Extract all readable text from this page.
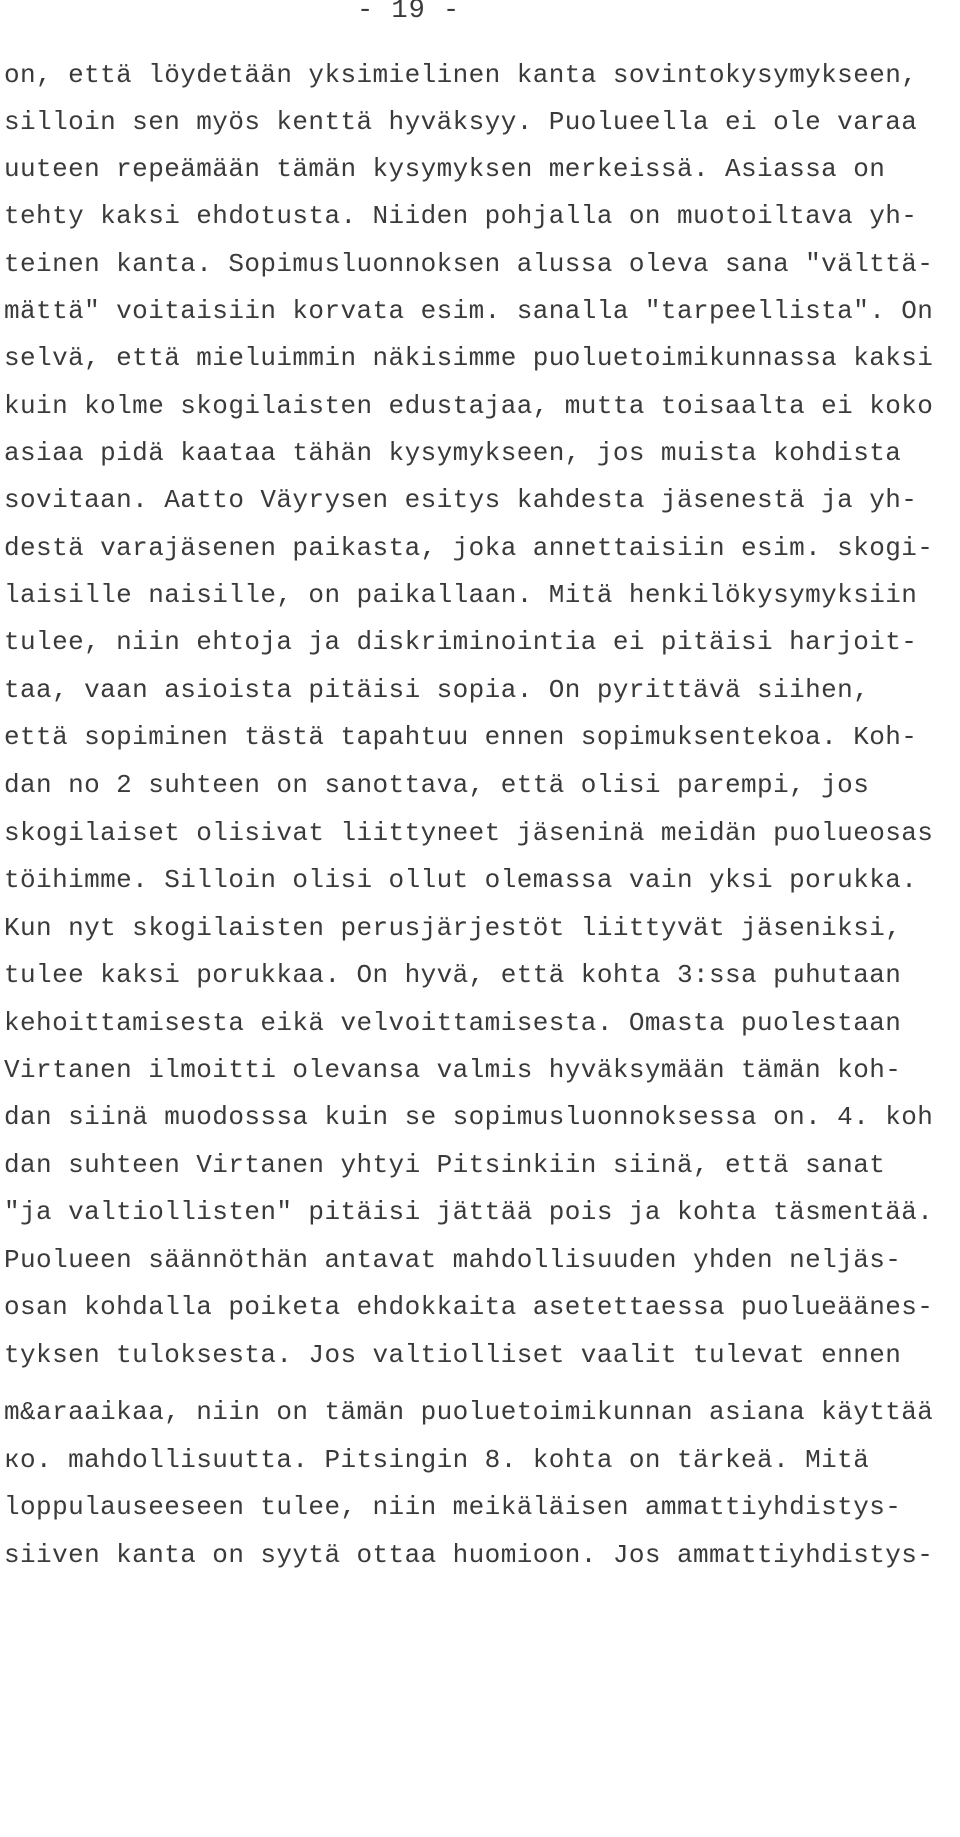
- 19 -
on, että löydetään yksimielinen kanta sovintokysymykseen,
silloin sen myös kenttä hyväksyy. Puolueella ei ole varaa
uuteen repeämään tämän kysymyksen merkeissä. Asiassa on
tehty kaksi ehdotusta. Niiden pohjalla on muotoiltava yh-
teinen kanta. Sopimusluonnoksen alussa oleva sana "välttä-
mättä" voitaisiin korvata esim. sanalla "tarpeellista". On
selvä, että mieluimmin näkisimme puoluetoimikunnassa kaksi
kuin kolme skogilaisten edustajaa, mutta toisaalta ei koko
asiaa pidä kaataa tähän kysymykseen, jos muista kohdista
sovitaan. Aatto Väyrysen esitys kahdesta jäsenestä ja yh-
destä varajäsenen paikasta, joka annettaisiin esim. skogi-
laisille naisille, on paikallaan. Mitä henkilökysymyksiin
tulee, niin ehtoja ja diskriminointia ei pitäisi harjoit-
taa, vaan asioista pitäisi sopia. On pyrittävä siihen,
että sopiminen tästä tapahtuu ennen sopimuksentekoa. Koh-
dan no 2 suhteen on sanottava, että olisi parempi, jos
skogilaiset olisivat liittyneet jäseninä meidän puolueosas
töihimme. Silloin olisi ollut olemassa vain yksi porukka.
Kun nyt skogilaisten perusjärjestöt liittyvät jäseniksi,
tulee kaksi porukkaa. On hyvä, että kohta 3:ssa puhutaan
kehoittamisesta eikä velvoittamisesta. Omasta puolestaan
Virtanen ilmoitti olevansa valmis hyväksymään tämän koh-
dan siinä muodosssa kuin se sopimusluonnoksessa on. 4. koh
dan suhteen Virtanen yhtyi Pitsinkiin siinä, että sanat
"ja valtiollisten" pitäisi jättää pois ja kohta täsmentää.
Puolueen säännöthän antavat mahdollisuuden yhden neljäs-
osan kohdalla poiketa ehdokkaita asetettaessa puolueäänes-
tyksen tuloksesta. Jos valtiolliset vaalit tulevat ennen
m&araaikaa, niin on tämän puoluetoimikunnan asiana käyttää
кo. mahdollisuutta. Pitsingin 8. kohta on tärkeä. Mitä
loppulauseeseen tulee, niin meikäläisen ammattiyhdistys-
siiven kanta on syytä ottaa huomioon. Jos ammattiyhdistys-
